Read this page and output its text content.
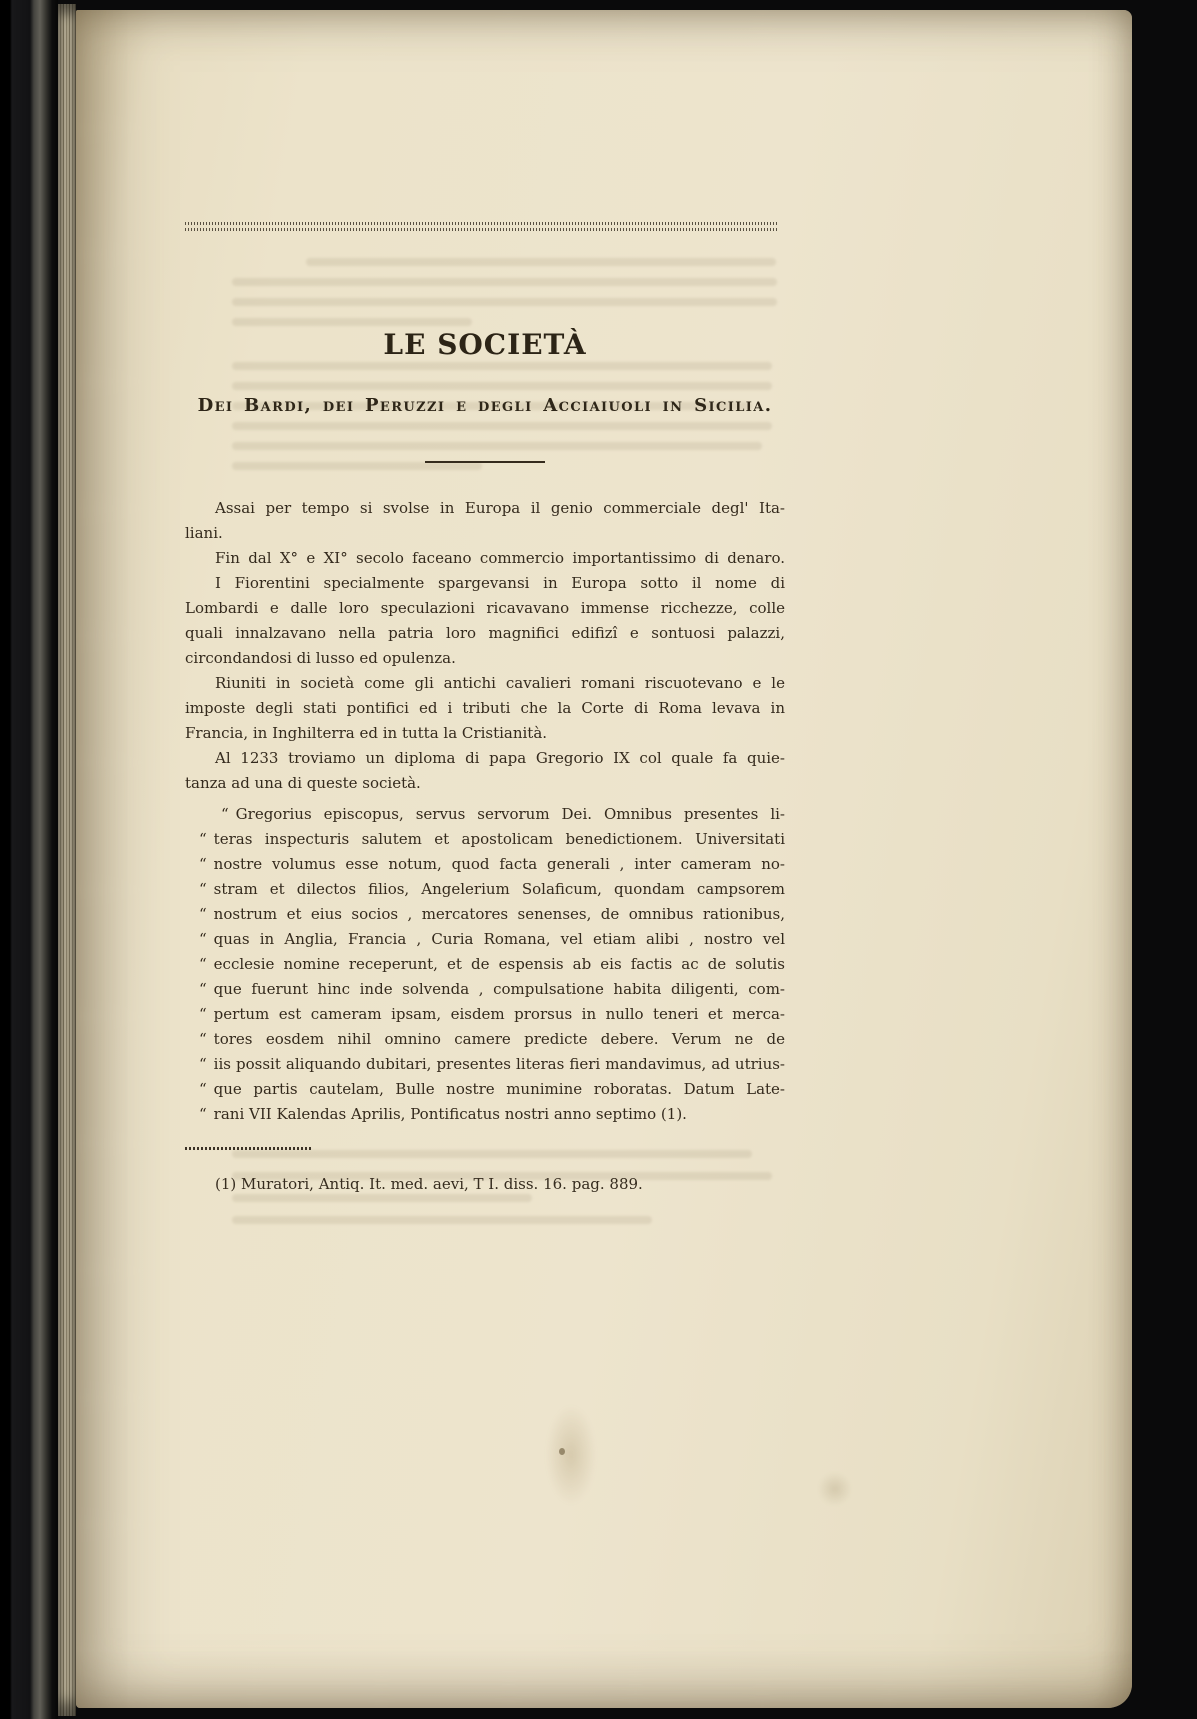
LE SOCIETÀ
Dei Bardi, dei Peruzzi e degli Acciaiuoli in Sicilia.
Assai per tempo si svolse in Europa il genio commerciale degl' Ita-
liani.
Fin dal X° e XI° secolo faceano commercio importantissimo di denaro.
I Fiorentini specialmente spargevansi in Europa sotto il nome di
Lombardi e dalle loro speculazioni ricavavano immense ricchezze, colle
quali innalzavano nella patria loro magnifici edifizî e sontuosi palazzi,
circondandosi di lusso ed opulenza.
Riuniti in società come gli antichi cavalieri romani riscuotevano e le
imposte degli stati pontifici ed i tributi che la Corte di Roma levava in
Francia, in Inghilterra ed in tutta la Cristianità.
Al 1233 troviamo un diploma di papa Gregorio IX col quale fa quie-
tanza ad una di queste società.
“ Gregorius episcopus, servus servorum Dei. Omnibus presentes li-
“ teras inspecturis salutem et apostolicam benedictionem. Universitati
“ nostre volumus esse notum, quod facta generali , inter cameram no-
“ stram et dilectos filios, Angelerium Solaficum, quondam campsorem
“ nostrum et eius socios , mercatores senenses, de omnibus rationibus,
“ quas in Anglia, Francia , Curia Romana, vel etiam alibi , nostro vel
“ ecclesie nomine receperunt, et de espensis ab eis factis ac de solutis
“ que fuerunt hinc inde solvenda , compulsatione habita diligenti, com-
“ pertum est cameram ipsam, eisdem prorsus in nullo teneri et merca-
“ tores eosdem nihil omnino camere predicte debere. Verum ne de
“ iis possit aliquando dubitari, presentes literas fieri mandavimus, ad utrius-
“ que partis cautelam, Bulle nostre munimine roboratas. Datum Late-
“ rani VII Kalendas Aprilis, Pontificatus nostri anno septimo (1).

(1) Muratori, Antiq. It. med. aevi, T I. diss. 16. pag. 889.
